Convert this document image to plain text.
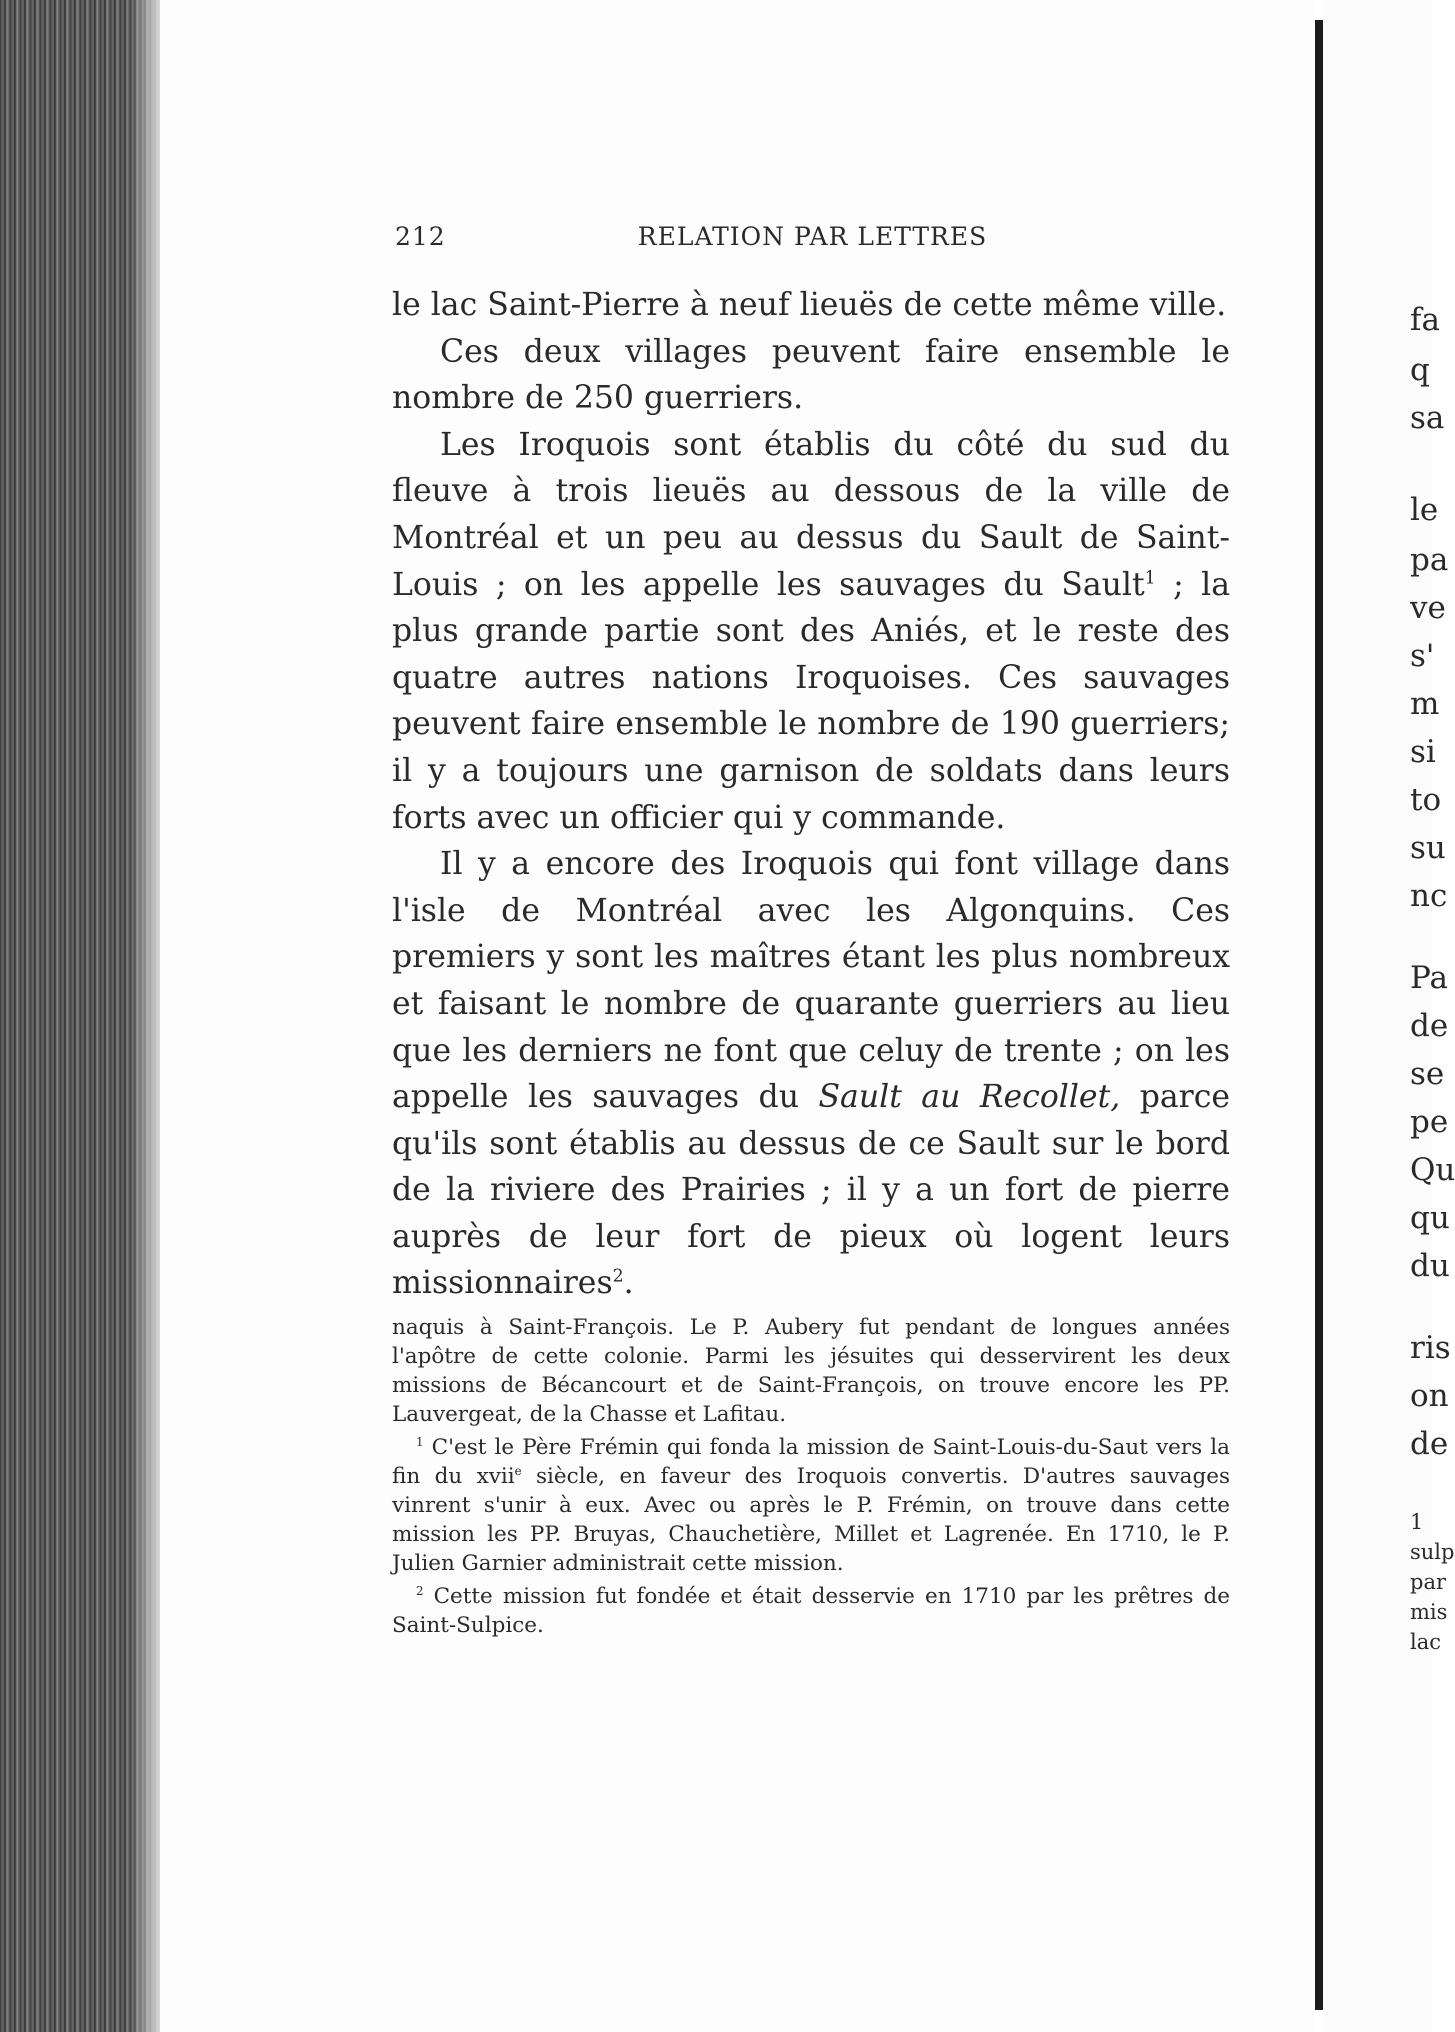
212	RELATION PAR LETTRES

le lac Saint-Pierre à neuf lieuës de cette même ville.

Ces deux villages peuvent faire ensemble le nombre de 250 guerriers.

Les Iroquois sont établis du côté du sud du fleuve à trois lieuës au dessous de la ville de Montréal et un peu au dessus du Sault de Saint-Louis ; on les appelle les sauvages du Sault$^1$ ; la plus grande partie sont des Aniés, et le reste des quatre autres nations Iroquoises. Ces sauvages peuvent faire ensemble le nombre de 190 guerriers; il y a toujours une garnison de soldats dans leurs forts avec un officier qui y commande.

Il y a encore des Iroquois qui font village dans l'isle de Montréal avec les Algonquins. Ces premiers y sont les maîtres étant les plus nombreux et faisant le nombre de quarante guerriers au lieu que les derniers ne font que celuy de trente ; on les appelle les sauvages du Sault au Recollet, parce qu'ils sont établis au dessus de ce Sault sur le bord de la riviere des Prairies ; il y a un fort de pierre auprès de leur fort de pieux où logent leurs missionnaires$^2$.

naquis à Saint-François. Le P. Aubery fut pendant de longues années l'apôtre de cette colonie. Parmi les jésuites qui desservirent les deux missions de Bécancourt et de Saint-François, on trouve encore les PP. Lauvergeat, de la Chasse et Lafitau.

$^1$ C'est le Père Frémin qui fonda la mission de Saint-Louis-du-Saut vers la fin du xvii$^e$ siècle, en faveur des Iroquois convertis. D'autres sauvages vinrent s'unir à eux. Avec ou après le P. Frémin, on trouve dans cette mission les PP. Bruyas, Chauchetière, Millet et Lagrenée. En 1710, le P. Julien Garnier administrait cette mission.

$^2$ Cette mission fut fondée et était desservie en 1710 par les prêtres de Saint-Sulpice.

fa
q
sa
le
pa
ve
s'
m
si
to
su
nc
Pa
de
se
pe
Qu
qu
du
ris
on
de
1
sulp
par
mis
lac
